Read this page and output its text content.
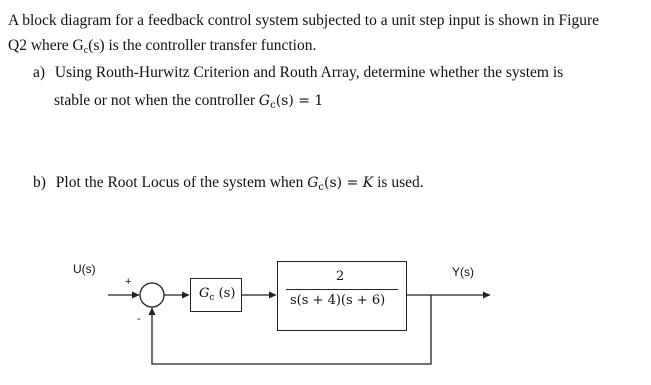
A block diagram for a feedback control system subjected to a unit step input is shown in Figure
Q2 where Gc(s) is the controller transfer function.
a) Using Routh-Hurwitz Criterion and Routh Array, determine whether the system is
stable or not when the controller $G_c(s) = 1$
b) Plot the Root Locus of the system when $G_c(s) = K$ is used.
$G_c$ (s)
2
s(s + 4)(s + 6)
U(s)	Y(s)
+
-
